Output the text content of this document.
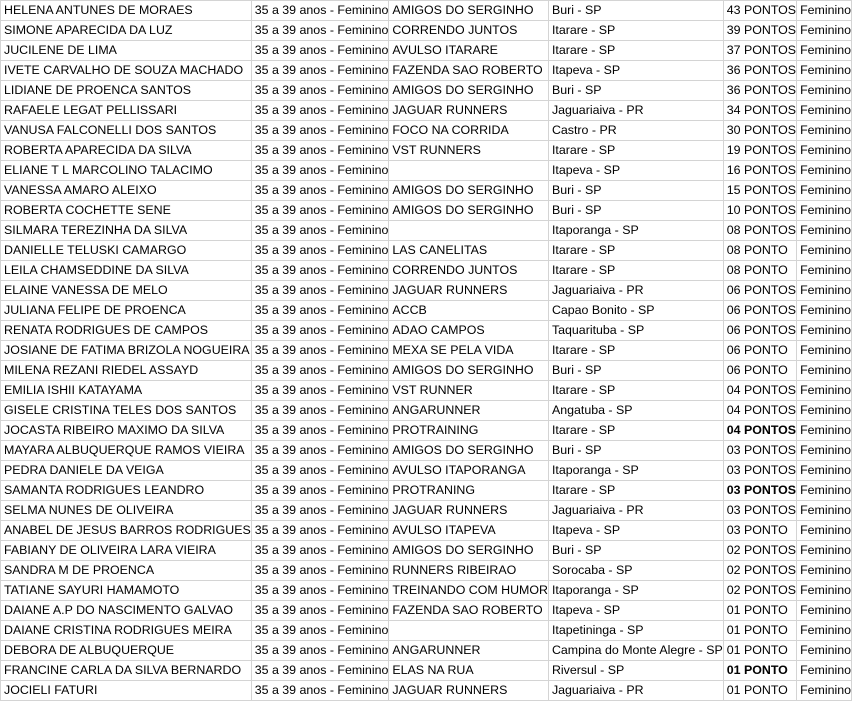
HELENA ANTUNES DE MORAES	35 a 39 anos - Feminino	AMIGOS DO SERGINHO	Buri - SP	43 PONTOS	Feminino
SIMONE APARECIDA DA LUZ	35 a 39 anos - Feminino	CORRENDO JUNTOS	Itarare - SP	39 PONTOS	Feminino
JUCILENE DE LIMA	35 a 39 anos - Feminino	AVULSO ITARARE	Itarare - SP	37 PONTOS	Feminino
IVETE CARVALHO DE SOUZA MACHADO	35 a 39 anos - Feminino	FAZENDA SAO ROBERTO	Itapeva - SP	36 PONTOS	Feminino
LIDIANE DE PROENCA SANTOS	35 a 39 anos - Feminino	AMIGOS DO SERGINHO	Buri - SP	36 PONTOS	Feminino
RAFAELE LEGAT PELLISSARI	35 a 39 anos - Feminino	JAGUAR RUNNERS	Jaguariaiva - PR	34 PONTOS	Feminino
VANUSA FALCONELLI DOS SANTOS	35 a 39 anos - Feminino	FOCO NA CORRIDA	Castro - PR	30 PONTOS	Feminino
ROBERTA APARECIDA DA SILVA	35 a 39 anos - Feminino	VST RUNNERS	Itarare - SP	19 PONTOS	Feminino
ELIANE T L MARCOLINO TALACIMO	35 a 39 anos - Feminino		Itapeva - SP	16 PONTOS	Feminino
VANESSA AMARO ALEIXO	35 a 39 anos - Feminino	AMIGOS DO SERGINHO	Buri - SP	15 PONTOS	Feminino
ROBERTA COCHETTE SENE	35 a 39 anos - Feminino	AMIGOS DO SERGINHO	Buri - SP	10 PONTOS	Feminino
SILMARA TEREZINHA DA SILVA	35 a 39 anos - Feminino		Itaporanga - SP	08 PONTOS	Feminino
DANIELLE TELUSKI CAMARGO	35 a 39 anos - Feminino	LAS CANELITAS	Itarare - SP	08 PONTO	Feminino
LEILA CHAMSEDDINE DA SILVA	35 a 39 anos - Feminino	CORRENDO JUNTOS	Itarare - SP	08 PONTO	Feminino
ELAINE VANESSA DE MELO	35 a 39 anos - Feminino	JAGUAR RUNNERS	Jaguariaiva - PR	06 PONTOS	Feminino
JULIANA FELIPE DE PROENCA	35 a 39 anos - Feminino	ACCB	Capao Bonito - SP	06 PONTOS	Feminino
RENATA RODRIGUES DE CAMPOS	35 a 39 anos - Feminino	ADAO CAMPOS	Taquarituba - SP	06 PONTOS	Feminino
JOSIANE DE FATIMA BRIZOLA NOGUEIRA	35 a 39 anos - Feminino	MEXA SE PELA VIDA	Itarare - SP	06 PONTO	Feminino
MILENA REZANI RIEDEL ASSAYD	35 a 39 anos - Feminino	AMIGOS DO SERGINHO	Buri - SP	06 PONTO	Feminino
EMILIA ISHII KATAYAMA	35 a 39 anos - Feminino	VST RUNNER	Itarare - SP	04 PONTOS	Feminino
GISELE CRISTINA TELES DOS SANTOS	35 a 39 anos - Feminino	ANGARUNNER	Angatuba - SP	04 PONTOS	Feminino
JOCASTA RIBEIRO MAXIMO DA SILVA	35 a 39 anos - Feminino	PROTRAINING	Itarare - SP	04 PONTOS	Feminino
MAYARA ALBUQUERQUE RAMOS VIEIRA	35 a 39 anos - Feminino	AMIGOS DO SERGINHO	Buri - SP	03 PONTOS	Feminino
PEDRA DANIELE DA VEIGA	35 a 39 anos - Feminino	AVULSO ITAPORANGA	Itaporanga - SP	03 PONTOS	Feminino
SAMANTA RODRIGUES LEANDRO	35 a 39 anos - Feminino	PROTRANING	Itarare - SP	03 PONTOS	Feminino
SELMA NUNES DE OLIVEIRA	35 a 39 anos - Feminino	JAGUAR RUNNERS	Jaguariaiva - PR	03 PONTOS	Feminino
ANABEL DE JESUS BARROS RODRIGUES	35 a 39 anos - Feminino	AVULSO ITAPEVA	Itapeva - SP	03 PONTO	Feminino
FABIANY DE OLIVEIRA LARA VIEIRA	35 a 39 anos - Feminino	AMIGOS DO SERGINHO	Buri - SP	02 PONTOS	Feminino
SANDRA M DE PROENCA	35 a 39 anos - Feminino	RUNNERS RIBEIRAO	Sorocaba - SP	02 PONTOS	Feminino
TATIANE SAYURI HAMAMOTO	35 a 39 anos - Feminino	TREINANDO COM HUMOR	Itaporanga - SP	02 PONTOS	Feminino
DAIANE A.P DO NASCIMENTO GALVAO	35 a 39 anos - Feminino	FAZENDA SAO ROBERTO	Itapeva - SP	01 PONTO	Feminino
DAIANE CRISTINA RODRIGUES MEIRA	35 a 39 anos - Feminino		Itapetininga - SP	01 PONTO	Feminino
DEBORA DE ALBUQUERQUE	35 a 39 anos - Feminino	ANGARUNNER	Campina do Monte Alegre - SP	01 PONTO	Feminino
FRANCINE CARLA DA SILVA BERNARDO	35 a 39 anos - Feminino	ELAS NA RUA	Riversul - SP	01 PONTO	Feminino
JOCIELI FATURI	35 a 39 anos - Feminino	JAGUAR RUNNERS	Jaguariaiva - PR	01 PONTO	Feminino
